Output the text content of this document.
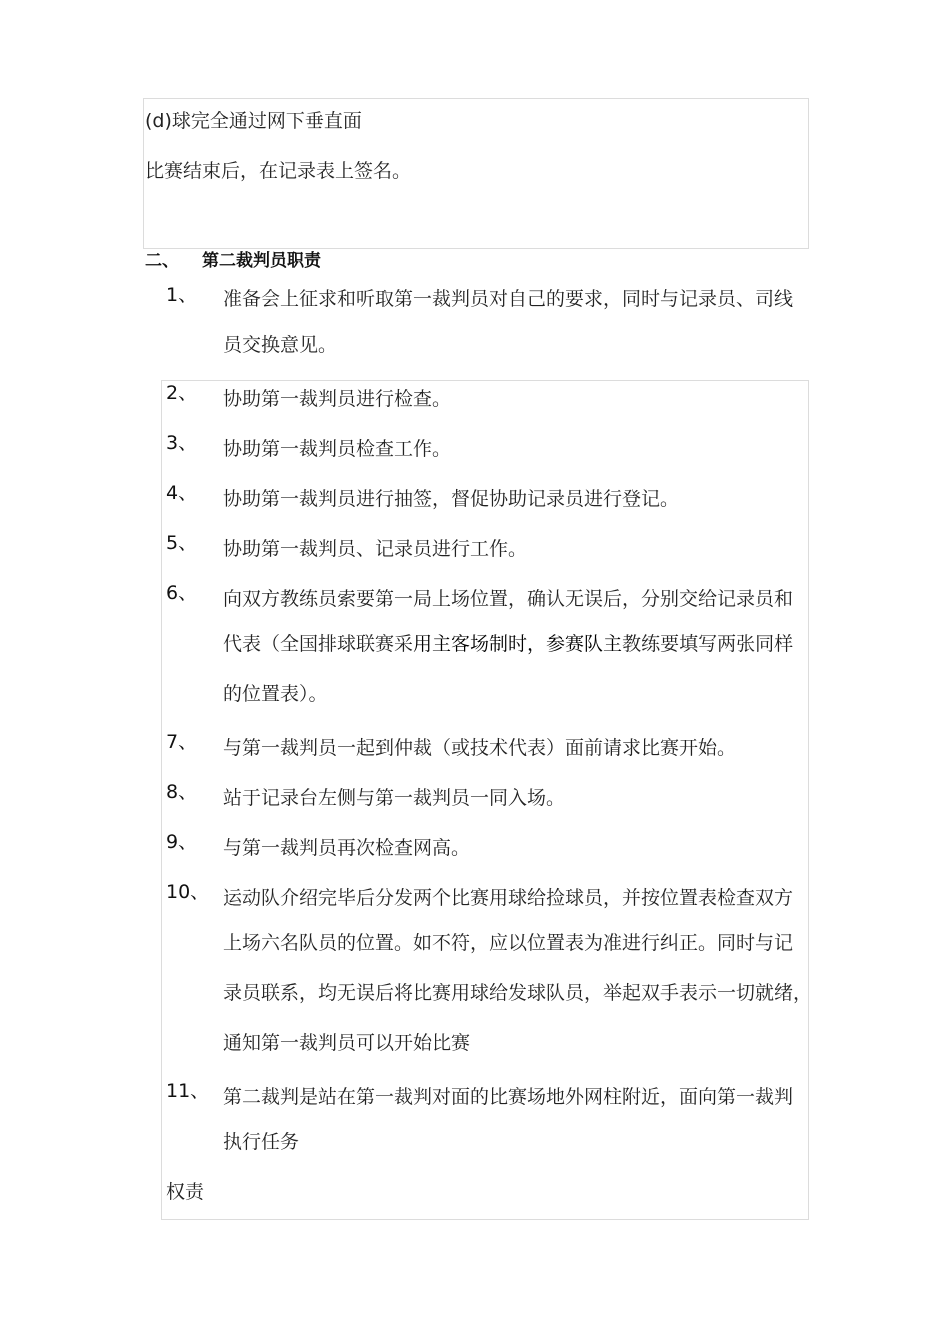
(d)球完全通过网下垂直面
比赛结束后，在记录表上签名。
二、 第二裁判员职责
1、 准备会上征求和听取第一裁判员对自己的要求，同时与记录员、司线
员交换意见。
2、 协助第一裁判员进行检查。
3、 协助第一裁判员检查工作。
4、 协助第一裁判员进行抽签，督促协助记录员进行登记。
5、 协助第一裁判员、记录员进行工作。
6、 向双方教练员索要第一局上场位置，确认无误后，分别交给记录员和
代表（全国排球联赛采用主客场制时，参赛队主教练要填写两张同样
的位置表）。
7、 与第一裁判员一起到仲裁（或技术代表）面前请求比赛开始。
8、 站于记录台左侧与第一裁判员一同入场。
9、 与第一裁判员再次检查网高。
10、 运动队介绍完毕后分发两个比赛用球给捡球员，并按位置表检查双方
上场六名队员的位置。如不符，应以位置表为准进行纠正。同时与记
录员联系，均无误后将比赛用球给发球队员，举起双手表示一切就绪，
通知第一裁判员可以开始比赛
11、 第二裁判是站在第一裁判对面的比赛场地外网柱附近，面向第一裁判
执行任务
权责
